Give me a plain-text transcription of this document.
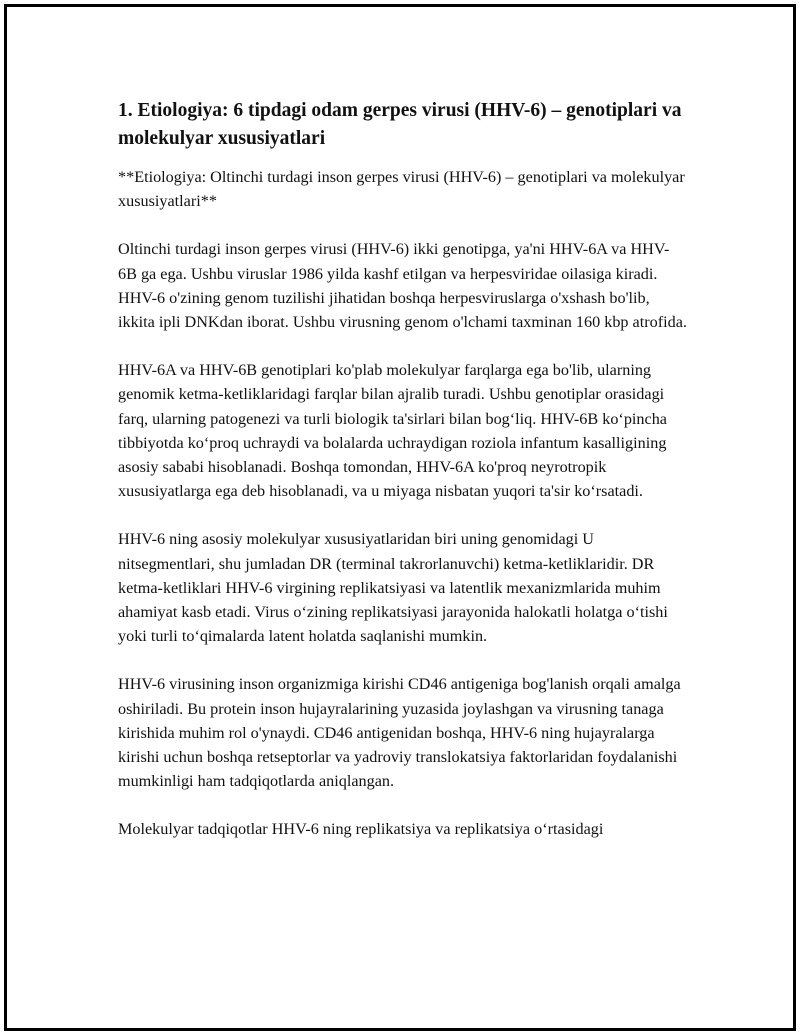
1. Etiologiya: 6 tipdagi odam gerpes virusi (HHV-6) – genotiplari va molekulyar xususiyatlari

**Etiologiya: Oltinchi turdagi inson gerpes virusi (HHV-6) – genotiplari va molekulyar xususiyatlari**

Oltinchi turdagi inson gerpes virusi (HHV-6) ikki genotipga, ya'ni HHV-6A va HHV-6B ga ega. Ushbu viruslar 1986 yilda kashf etilgan va herpesviridae oilasiga kiradi. HHV-6 o'zining genom tuzilishi jihatidan boshqa herpesviruslarga o'xshash bo'lib, ikkita ipli DNKdan iborat. Ushbu virusning genom o'lchami taxminan 160 kbp atrofida.

HHV-6A va HHV-6B genotiplari ko'plab molekulyar farqlarga ega bo'lib, ularning genomik ketma-ketliklaridagi farqlar bilan ajralib turadi. Ushbu genotiplar orasidagi farq, ularning patogenezi va turli biologik ta'sirlari bilan bog‘liq. HHV-6B ko‘pincha tibbiyotda ko‘proq uchraydi va bolalarda uchraydigan roziola infantum kasalligining asosiy sababi hisoblanadi. Boshqa tomondan, HHV-6A ko'proq neyrotropik xususiyatlarga ega deb hisoblanadi, va u miyaga nisbatan yuqori ta'sir ko‘rsatadi.

HHV-6 ning asosiy molekulyar xususiyatlaridan biri uning genomidagi U nitsegmentlari, shu jumladan DR (terminal takrorlanuvchi) ketma-ketliklaridir. DR ketma-ketliklari HHV-6 virgining replikatsiyasi va latentlik mexanizmlarida muhim ahamiyat kasb etadi. Virus o‘zining replikatsiyasi jarayonida halokatli holatga o‘tishi yoki turli to‘qimalarda latent holatda saqlanishi mumkin.

HHV-6 virusining inson organizmiga kirishi CD46 antigeniga bog'lanish orqali amalga oshiriladi. Bu protein inson hujayralarining yuzasida joylashgan va virusning tanaga kirishida muhim rol o'ynaydi. CD46 antigenidan boshqa, HHV-6 ning hujayralarga kirishi uchun boshqa retseptorlar va yadroviy translokatsiya faktorlaridan foydalanishi mumkinligi ham tadqiqotlarda aniqlangan.

Molekulyar tadqiqotlar HHV-6 ning replikatsiya va replikatsiya o‘rtasidagi
